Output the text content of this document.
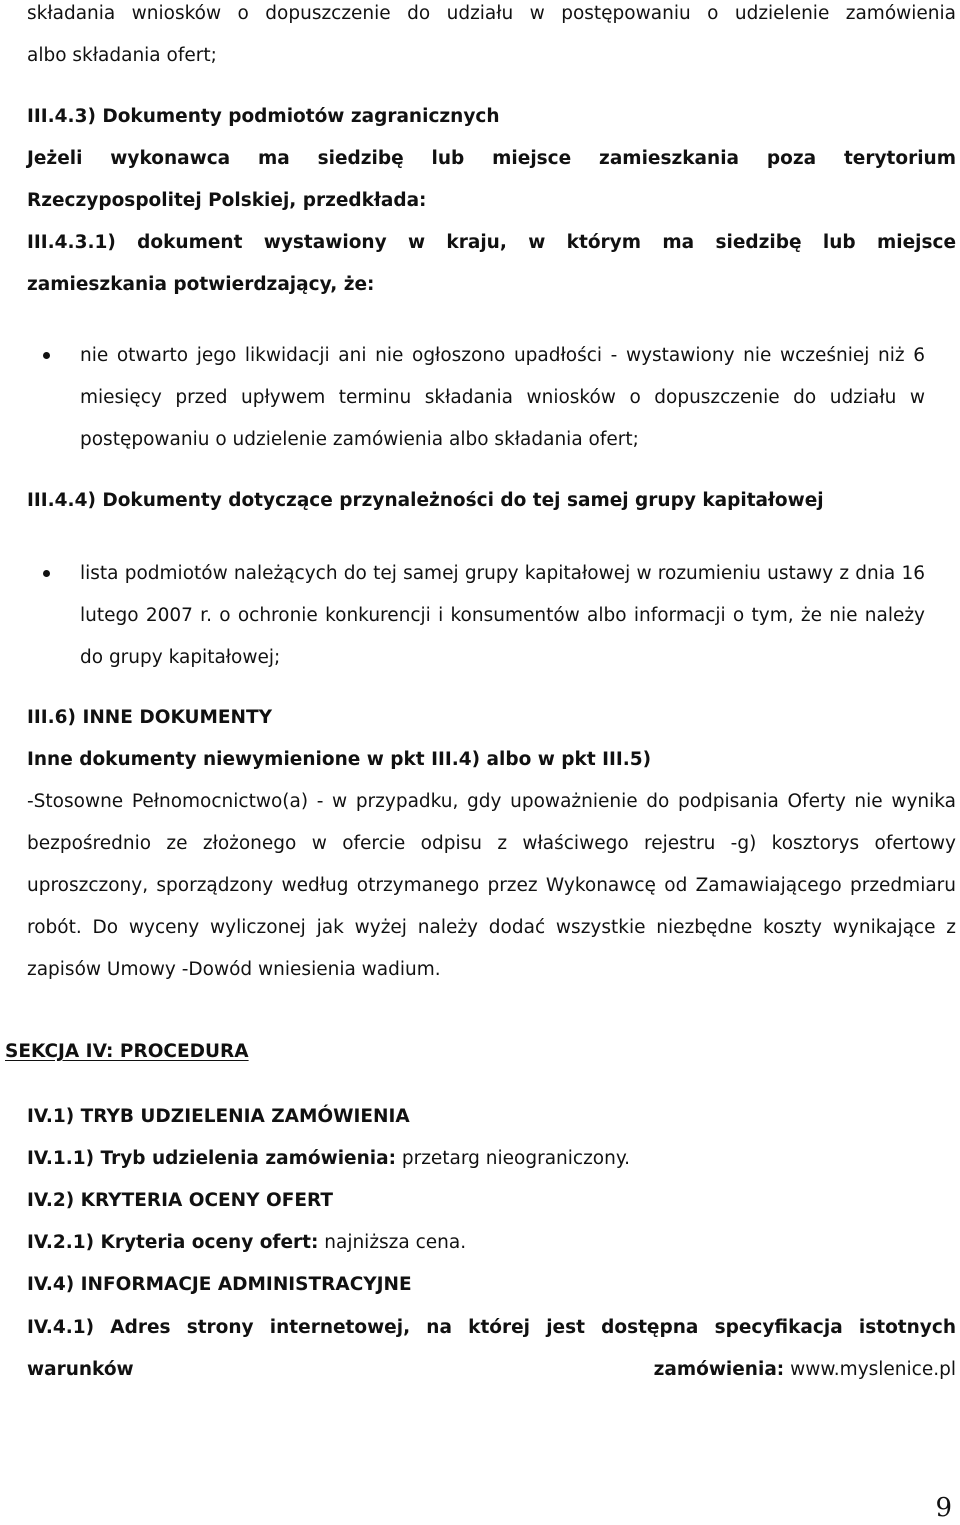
składania wniosków o dopuszczenie do udziału w postępowaniu o udzielenie zamówienia
albo składania ofert;
III.4.3) Dokumenty podmiotów zagranicznych
Jeżeli wykonawca ma siedzibę lub miejsce zamieszkania poza terytorium
Rzeczypospolitej Polskiej, przedkłada:
III.4.3.1) dokument wystawiony w kraju, w którym ma siedzibę lub miejsce
zamieszkania potwierdzający, że:
nie otwarto jego likwidacji ani nie ogłoszono upadłości - wystawiony nie wcześniej niż 6
miesięcy przed upływem terminu składania wniosków o dopuszczenie do udziału w
postępowaniu o udzielenie zamówienia albo składania ofert;
III.4.4) Dokumenty dotyczące przynależności do tej samej grupy kapitałowej
lista podmiotów należących do tej samej grupy kapitałowej w rozumieniu ustawy z dnia 16
lutego 2007 r. o ochronie konkurencji i konsumentów albo informacji o tym, że nie należy
do grupy kapitałowej;
III.6) INNE DOKUMENTY
Inne dokumenty niewymienione w pkt III.4) albo w pkt III.5)
-Stosowne Pełnomocnictwo(a) - w przypadku, gdy upoważnienie do podpisania Oferty nie wynika
bezpośrednio ze złożonego w ofercie odpisu z właściwego rejestru -g) kosztorys ofertowy
uproszczony, sporządzony według otrzymanego przez Wykonawcę od Zamawiającego przedmiaru
robót. Do wyceny wyliczonej jak wyżej należy dodać wszystkie niezbędne koszty wynikające z
zapisów Umowy -Dowód wniesienia wadium.
SEKCJA IV: PROCEDURA
IV.1) TRYB UDZIELENIA ZAMÓWIENIA
IV.1.1) Tryb udzielenia zamówienia: przetarg nieograniczony.
IV.2) KRYTERIA OCENY OFERT
IV.2.1) Kryteria oceny ofert: najniższa cena.
IV.4) INFORMACJE ADMINISTRACYJNE
IV.4.1) Adres strony internetowej, na której jest dostępna specyfikacja istotnych
warunków	zamówienia: www.myslenice.pl
9
